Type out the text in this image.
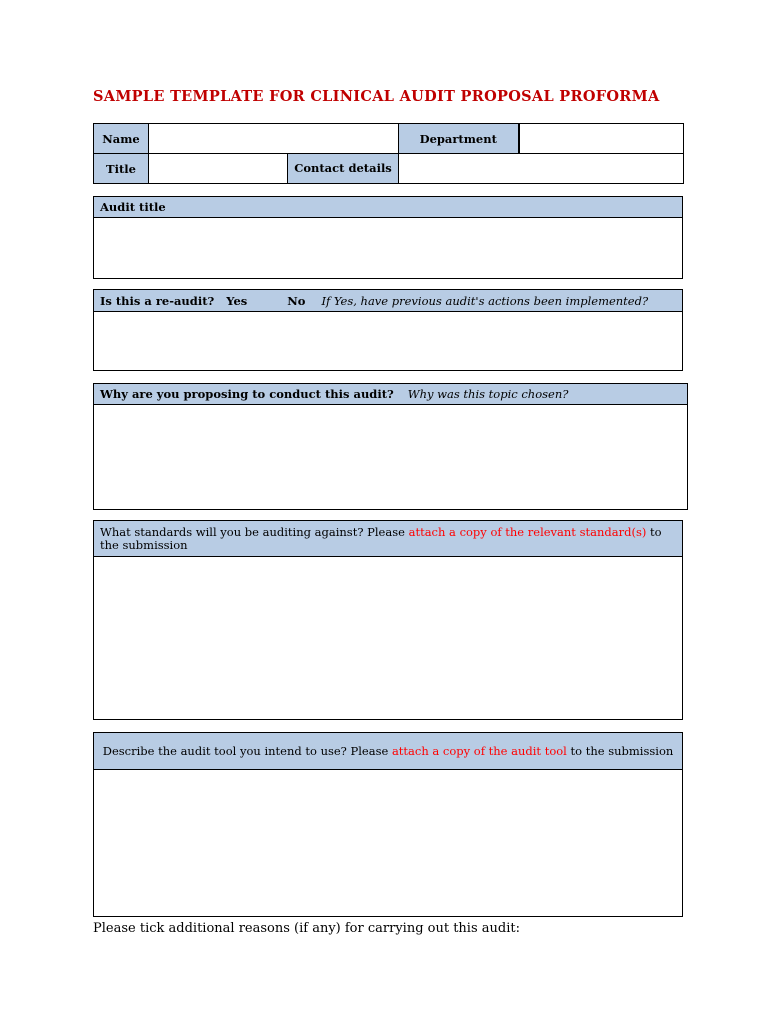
SAMPLE TEMPLATE FOR CLINICAL AUDIT PROPOSAL PROFORMA
Name			Department	
Title		Contact details		
Audit title
Is this a re-audit? Yes	No If Yes, have previous audit's actions been implemented?
Why are you proposing to conduct this audit? Why was this topic chosen?
What standards will you be auditing against? Please attach a copy of the relevant standard(s) to the submission
Describe the audit tool you intend to use? Please attach a copy of the audit tool to the submission
Please tick additional reasons (if any) for carrying out this audit:
